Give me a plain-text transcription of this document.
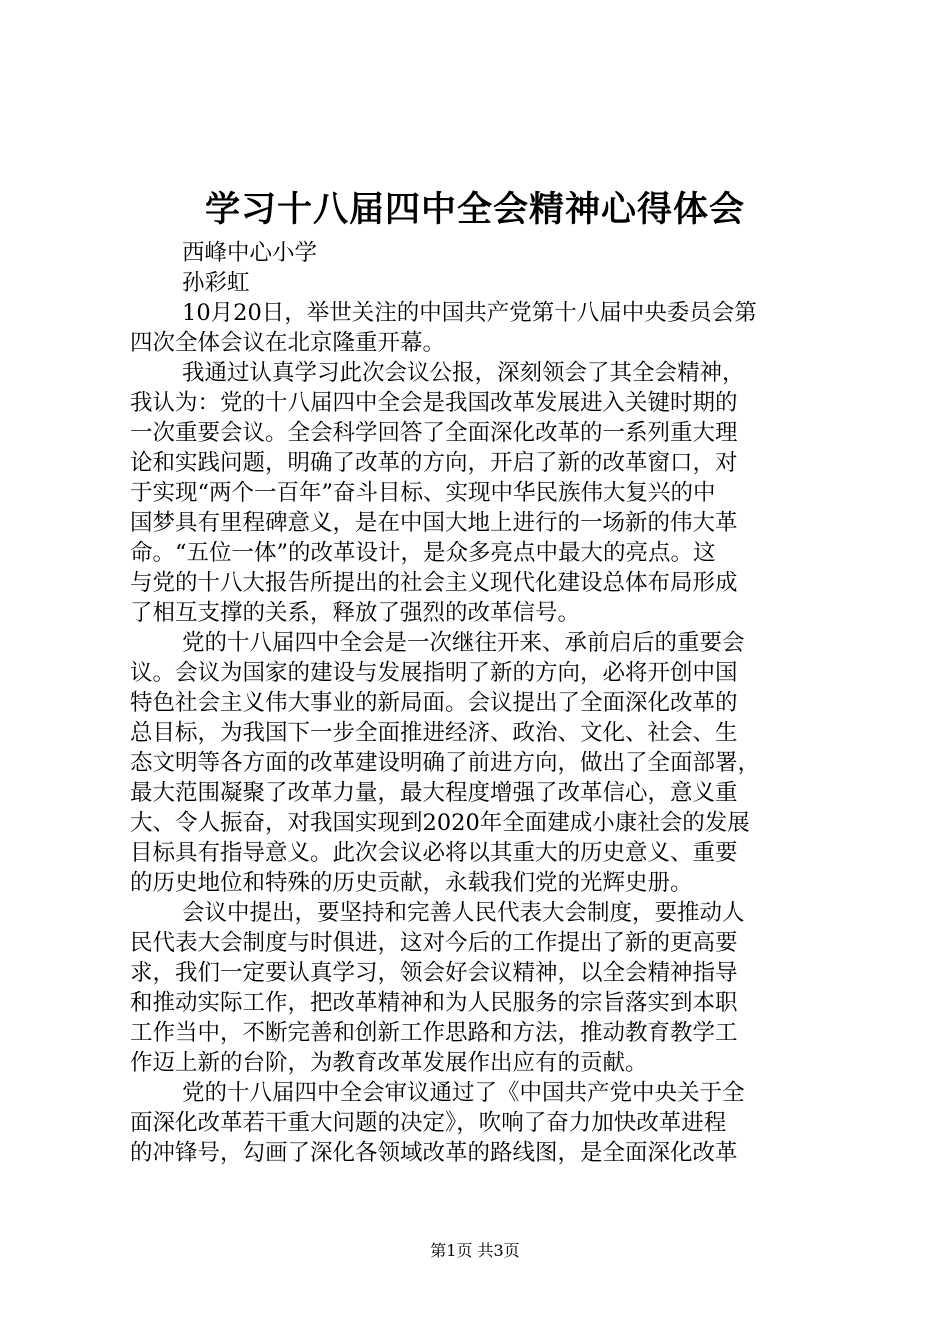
学习十八届四中全会精神心得体会

西峰中心小学

孙彩虹

10月20日，举世关注的中国共产党第十八届中央委员会第

四次全体会议在北京隆重开幕。

我通过认真学习此次会议公报，深刻领会了其全会精神，

我认为：党的十八届四中全会是我国改革发展进入关键时期的

一次重要会议。全会科学回答了全面深化改革的一系列重大理

论和实践问题，明确了改革的方向，开启了新的改革窗口，对

于实现“两个一百年”奋斗目标、实现中华民族伟大复兴的中

国梦具有里程碑意义，是在中国大地上进行的一场新的伟大革

命。“五位一体”的改革设计，是众多亮点中最大的亮点。这

与党的十八大报告所提出的社会主义现代化建设总体布局形成

了相互支撑的关系，释放了强烈的改革信号。

党的十八届四中全会是一次继往开来、承前启后的重要会

议。会议为国家的建设与发展指明了新的方向，必将开创中国

特色社会主义伟大事业的新局面。会议提出了全面深化改革的

总目标，为我国下一步全面推进经济、政治、文化、社会、生

态文明等各方面的改革建设明确了前进方向，做出了全面部署，

最大范围凝聚了改革力量，最大程度增强了改革信心，意义重

大、令人振奋，对我国实现到2020年全面建成小康社会的发展

目标具有指导意义。此次会议必将以其重大的历史意义、重要

的历史地位和特殊的历史贡献，永载我们党的光辉史册。

会议中提出，要坚持和完善人民代表大会制度，要推动人

民代表大会制度与时俱进，这对今后的工作提出了新的更高要

求，我们一定要认真学习，领会好会议精神，以全会精神指导

和推动实际工作，把改革精神和为人民服务的宗旨落实到本职

工作当中，不断完善和创新工作思路和方法，推动教育教学工

作迈上新的台阶，为教育改革发展作出应有的贡献。

党的十八届四中全会审议通过了《中国共产党中央关于全

面深化改革若干重大问题的决定》，吹响了奋力加快改革进程

的冲锋号，勾画了深化各领域改革的路线图，是全面深化改革

第1页 共3页
